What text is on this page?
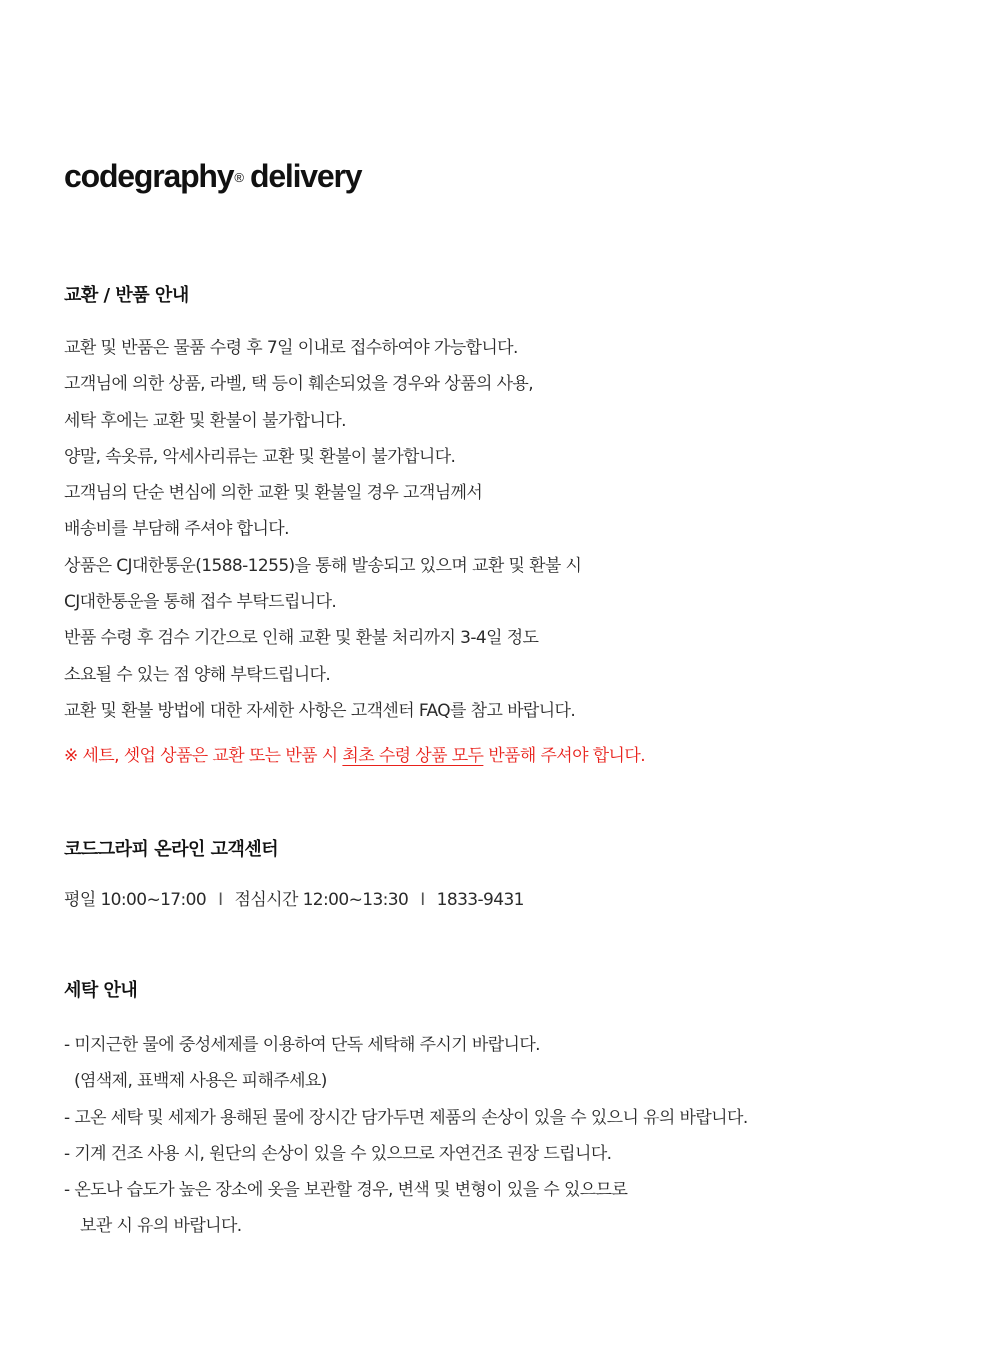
codegraphy® delivery
교환 / 반품 안내
교환 및 반품은 물품 수령 후 7일 이내로 접수하여야 가능합니다.
고객님에 의한 상품, 라벨, 택 등이 훼손되었을 경우와 상품의 사용,
세탁 후에는 교환 및 환불이 불가합니다.
양말, 속옷류, 악세사리류는 교환 및 환불이 불가합니다.
고객님의 단순 변심에 의한 교환 및 환불일 경우 고객님께서
배송비를 부담해 주셔야 합니다.
상품은 CJ대한통운(1588-1255)을 통해 발송되고 있으며 교환 및 환불 시
CJ대한통운을 통해 접수 부탁드립니다.
반품 수령 후 검수 기간으로 인해 교환 및 환불 처리까지 3-4일 정도
소요될 수 있는 점 양해 부탁드립니다.
교환 및 환불 방법에 대한 자세한 사항은 고객센터 FAQ를 참고 바랍니다.

※ 세트, 셋업 상품은 교환 또는 반품 시 최초 수령 상품 모두 반품해 주셔야 합니다.

코드그라피 온라인 고객센터

평일 10:00~17:00 I 점심시간 12:00~13:30 I 1833-9431

세탁 안내
- 미지근한 물에 중성세제를 이용하여 단독 세탁해 주시기 바랍니다.
(염색제, 표백제 사용은 피해주세요)
- 고온 세탁 및 세제가 용해된 물에 장시간 담가두면 제품의 손상이 있을 수 있으니 유의 바랍니다.
- 기계 건조 사용 시, 원단의 손상이 있을 수 있으므로 자연건조 권장 드립니다.
- 온도나 습도가 높은 장소에 옷을 보관할 경우, 변색 및 변형이 있을 수 있으므로
보관 시 유의 바랍니다.
